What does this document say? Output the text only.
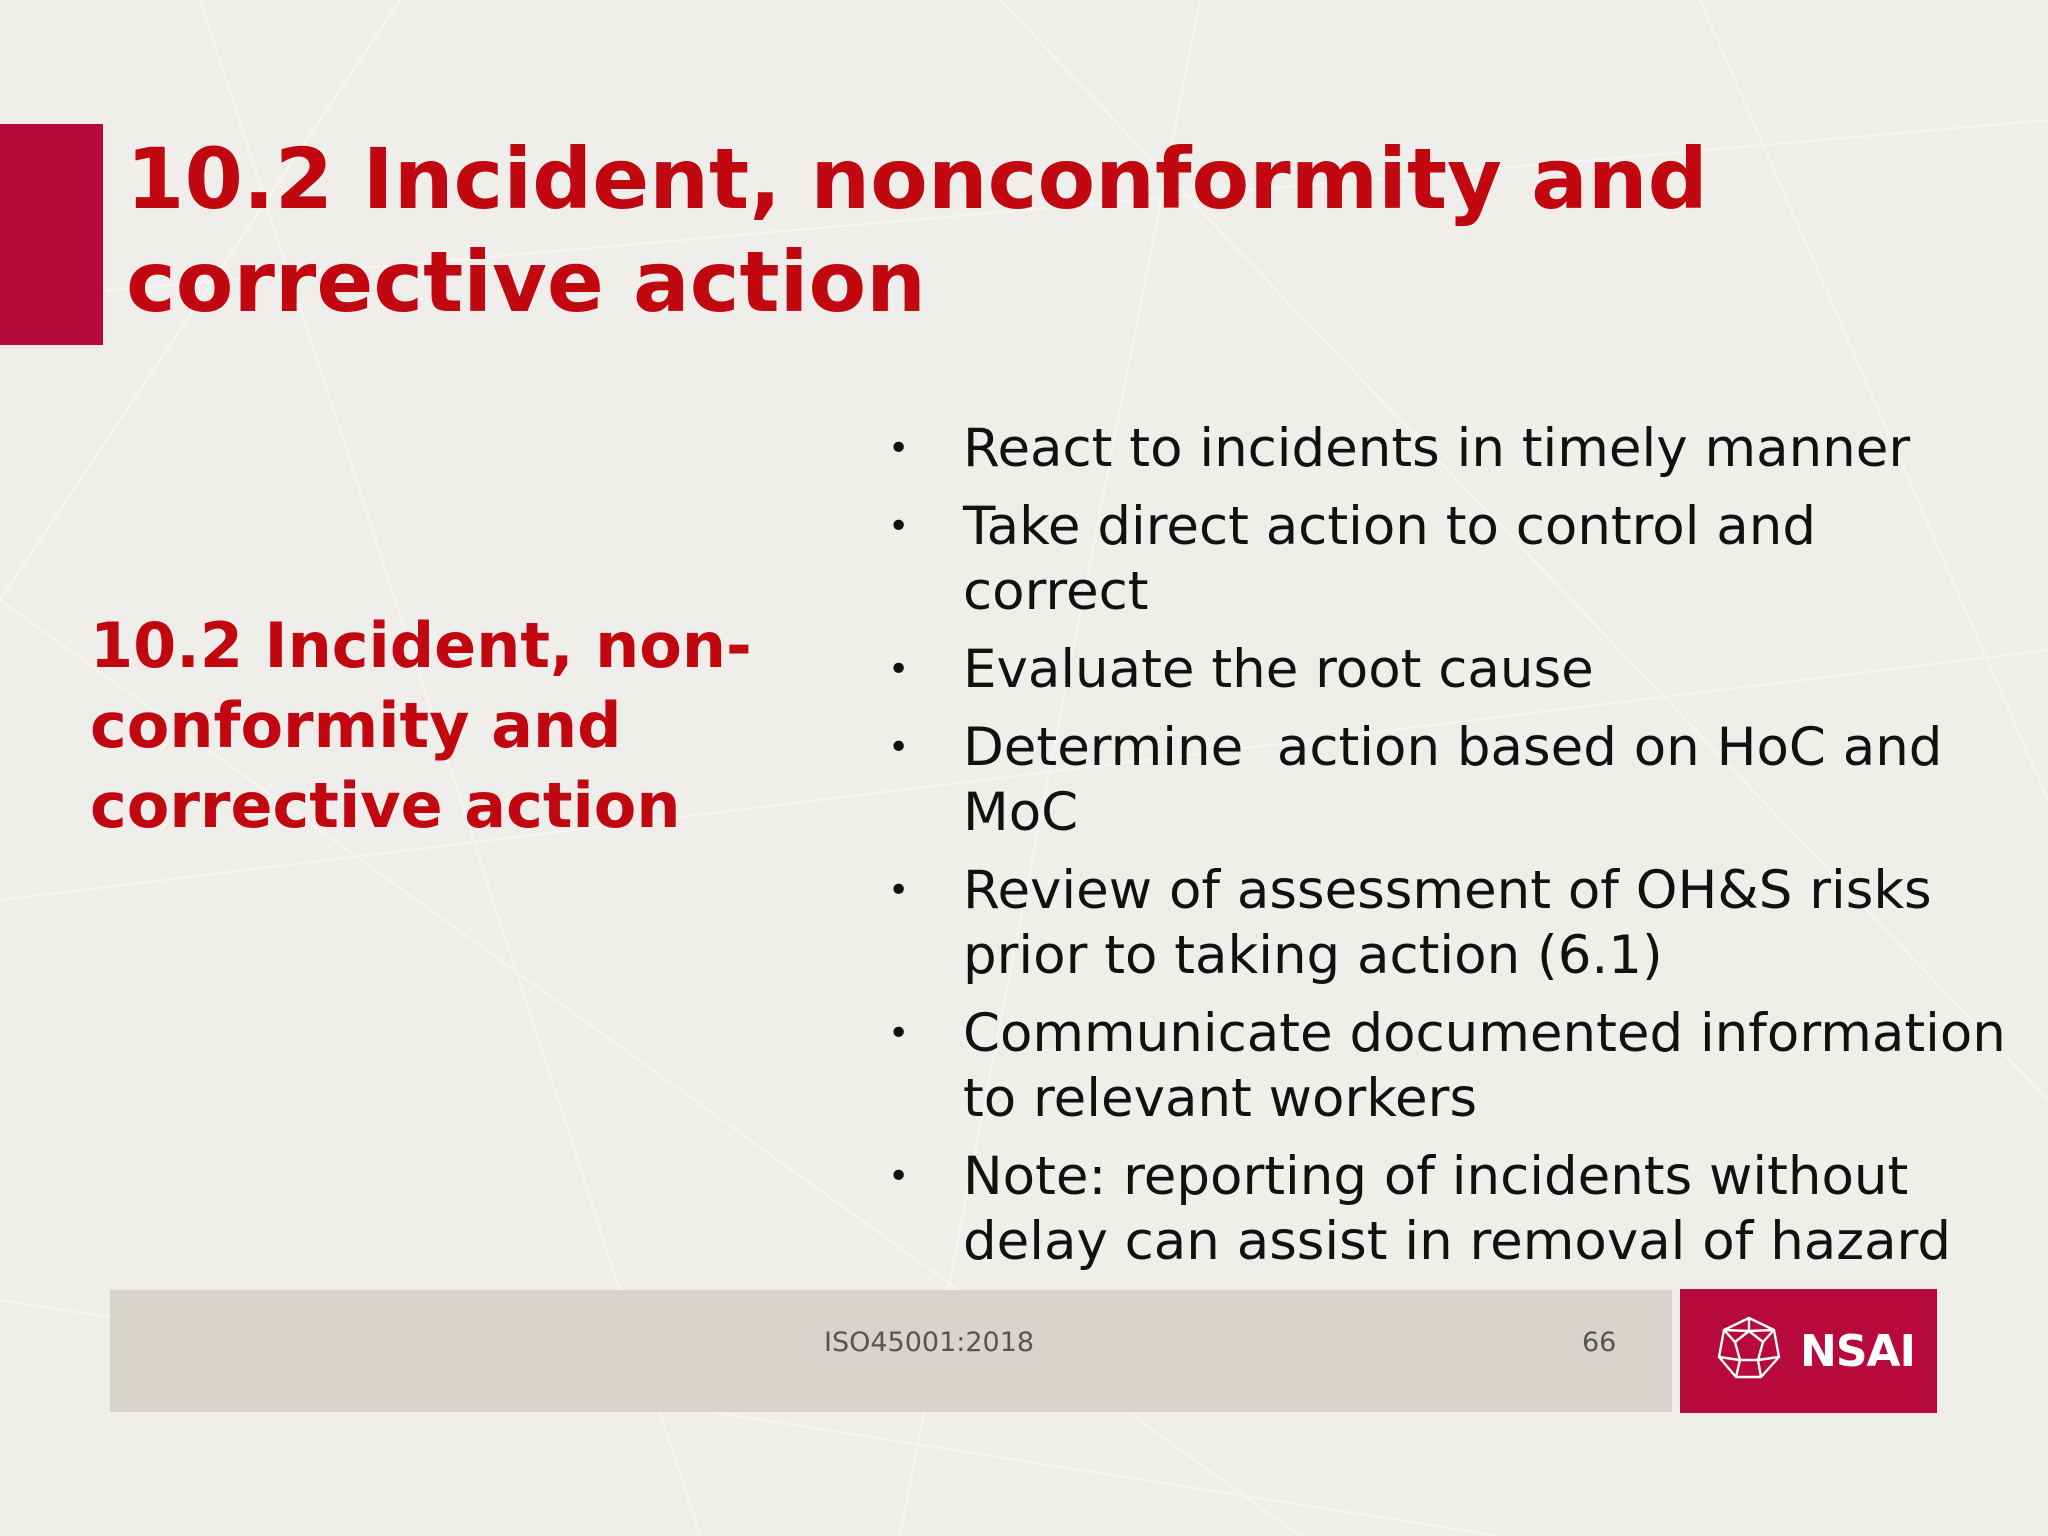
10.2 Incident, nonconformity and corrective action
10.2 Incident, non-conformity and corrective action
• React to incidents in timely manner
• Take direct action to control and correct
• Evaluate the root cause
• Determine  action based on HoC and MoC
• Review of assessment of OH&S risks prior to taking action (6.1)
• Communicate documented information to relevant workers
• Note: reporting of incidents without delay can assist in removal of hazard
ISO45001:2018	66	NSAI
